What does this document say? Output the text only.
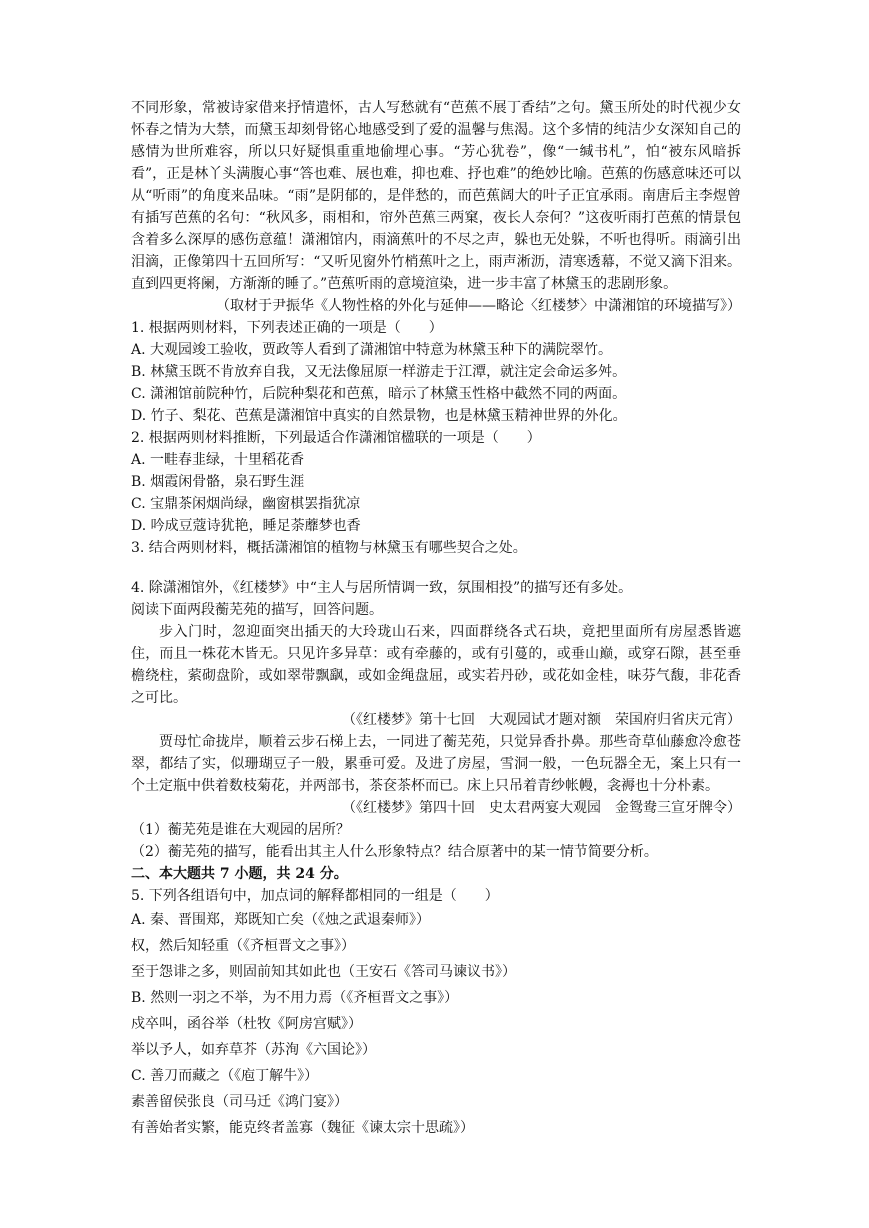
不同形象，常被诗家借来抒情遣怀，古人写愁就有“芭蕉不展丁香结”之句。黛玉所处的时代视少女怀春之情为大禁，而黛玉却刻骨铭心地感受到了爱的温馨与焦渴。这个多情的纯洁少女深知自己的感情为世所难容，所以只好疑惧重重地偷埋心事。“芳心犹卷”，像“一缄书札”，怕“被东风暗拆看”，正是林丫头满腹心事“答也难、展也难，抑也难、抒也难”的绝妙比喻。芭蕉的伤感意味还可以从“听雨”的角度来品味。“雨”是阴郁的，是伴愁的，而芭蕉阔大的叶子正宜承雨。南唐后主李煜曾有插写芭蕉的名句：“秋风多，雨相和，帘外芭蕉三两窠，夜长人奈何？”这夜听雨打芭蕉的情景包含着多么深厚的感伤意蕴！潇湘馆内，雨滴蕉叶的不尽之声，躲也无处躲，不听也得听。雨滴引出泪滴，正像第四十五回所写：“又听见窗外竹梢蕉叶之上，雨声淅沥，清寒透幕，不觉又滴下泪来。直到四更将阑，方渐渐的睡了。”芭蕉听雨的意境渲染，进一步丰富了林黛玉的悲剧形象。

（取材于尹振华《人物性格的外化与延伸——略论〈红楼梦〉中潇湘馆的环境描写》）

1. 根据两则材料，下列表述正确的一项是（　　）

A. 大观园竣工验收，贾政等人看到了潇湘馆中特意为林黛玉种下的满院翠竹。

B. 林黛玉既不肯放弃自我，又无法像屈原一样游走于江潭，就注定会命运多舛。

C. 潇湘馆前院种竹，后院种梨花和芭蕉，暗示了林黛玉性格中截然不同的两面。

D. 竹子、梨花、芭蕉是潇湘馆中真实的自然景物，也是林黛玉精神世界的外化。

2. 根据两则材料推断，下列最适合作潇湘馆楹联的一项是（　　）

A. 一畦春韭绿，十里稻花香

B. 烟霞闲骨骼，泉石野生涯

C. 宝鼎茶闲烟尚绿，幽窗棋罢指犹凉

D. 吟成豆蔻诗犹艳，睡足荼蘼梦也香

3. 结合两则材料，概括潇湘馆的植物与林黛玉有哪些契合之处。

4. 除潇湘馆外，《红楼梦》中“主人与居所情调一致，氛围相投”的描写还有多处。

阅读下面两段蘅芜苑的描写，回答问题。

步入门时，忽迎面突出插天的大玲珑山石来，四面群绕各式石块，竟把里面所有房屋悉皆遮住，而且一株花木皆无。只见许多异草：或有牵藤的，或有引蔓的，或垂山巅，或穿石隙，甚至垂檐绕柱，萦砌盘阶，或如翠带飘飖，或如金绳盘屈，或实若丹砂，或花如金桂，味芬气馥，非花香之可比。

（《红楼梦》第十七回　大观园试才题对额　荣国府归省庆元宵）

贾母忙命拢岸，顺着云步石梯上去，一同进了蘅芜苑，只觉异香扑鼻。那些奇草仙藤愈冷愈苍翠，都结了实，似珊瑚豆子一般，累垂可爱。及进了房屋，雪洞一般，一色玩器全无，案上只有一个土定瓶中供着数枝菊花，并两部书，茶奁茶杯而已。床上只吊着青纱帐幔，衾褥也十分朴素。

（《红楼梦》第四十回　史太君两宴大观园　金鸳鸯三宣牙牌令）

（1）蘅芜苑是谁在大观园的居所？

（2）蘅芜苑的描写，能看出其主人什么形象特点？结合原著中的某一情节简要分析。

二、本大题共 7 小题，共 24 分。

5. 下列各组语句中，加点词的解释都相同的一组是（　　）

A. 秦、晋围郑，郑既知亡矣（《烛之武退秦师》）

权，然后知轻重（《齐桓晋文之事》）

至于怨诽之多，则固前知其如此也（王安石《答司马谏议书》）

B. 然则一羽之不举，为不用力焉（《齐桓晋文之事》）

戍卒叫，函谷举（杜牧《阿房宫赋》）

举以予人，如弃草芥（苏洵《六国论》）

C. 善刀而藏之（《庖丁解牛》）

素善留侯张良（司马迁《鸿门宴》）

有善始者实繁，能克终者盖寡（魏征《谏太宗十思疏》）
